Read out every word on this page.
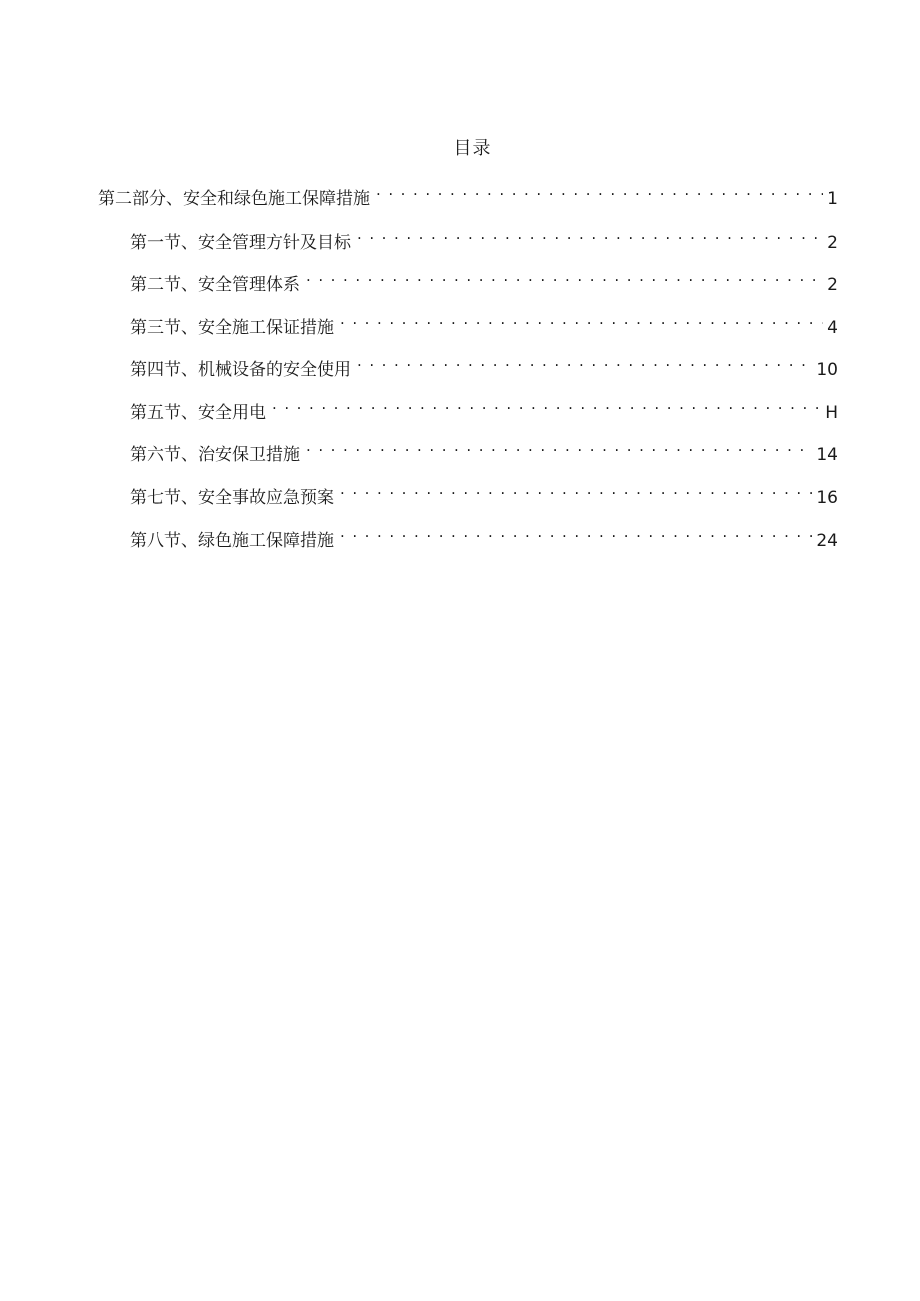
目录
第二部分、安全和绿色施工保障措施 . . .	1
第一节、安全管理方针及目标 . . .	2
第二节、安全管理体系 . . .	2
第三节、安全施工保证措施 . . .	4
第四节、机械设备的安全使用 . . .	10
第五节、安全用电 . . .	H
第六节、治安保卫措施 . . .	14
第七节、安全事故应急预案 . . .	16
第八节、绿色施工保障措施 . . .	24
